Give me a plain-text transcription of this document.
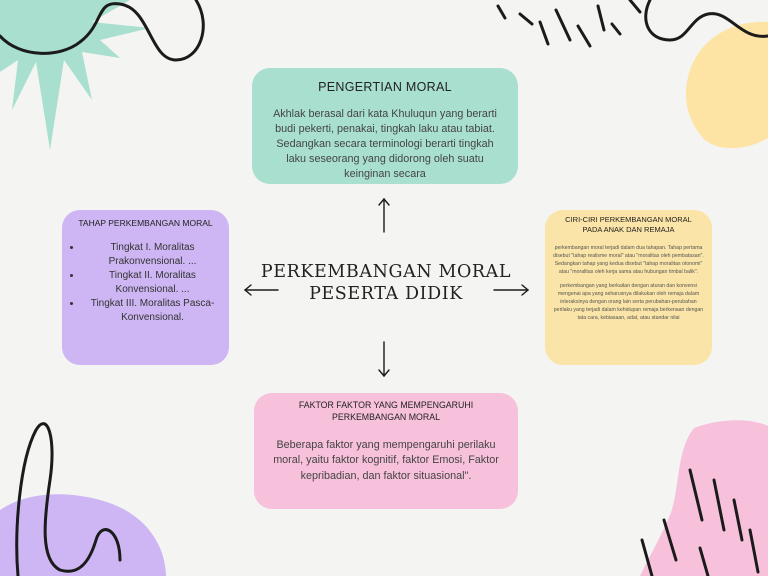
PENGERTIAN MORAL
Akhlak berasal dari kata Khuluqun yang berarti budi pekerti, penakai, tingkah laku atau tabiat. Sedangkan secara terminologi berarti tingkah laku seseorang yang didorong oleh suatu keinginan secara
TAHAP PERKEMBANGAN MORAL
• Tingkat I. Moralitas Prakonvensional. ...
• Tingkat II. Moralitas Konvensional. ...
• Tingkat III. Moralitas Pasca-Konvensional.
CIRI-CIRI PERKEMBANGAN MORAL PADA ANAK DAN REMAJA

perkembangan moral terjadi dalam dua tahapan. Tahap pertama disebut "tahap realisme moral" atau "moralitas oleh pembatasan". Sedangkan tahap yang kedua disebut "tahap moralitas otonomi" atau "moralitas oleh kerja sama atau hubungan timbal balik".

perkembangan yang berkaitan dengan aturan dan konvensi mengenai apa yang seharusnya dilakukan oleh remaja dalam interaksinya dengan orang lain serta perubahan-perubahan perilaku yang terjadi dalam kehidupan remaja berkenaan dengan tata cara, kebiasaan, adat, atau standar nilai

FAKTOR FAKTOR YANG MEMPENGARUHI PERKEMBANGAN MORAL
Beberapa faktor yang mempengaruhi perilaku moral, yaitu faktor kognitif, faktor Emosi, Faktor kepribadian, dan faktor situasional".
PERKEMBANGAN MORAL
PESERTA DIDIK
